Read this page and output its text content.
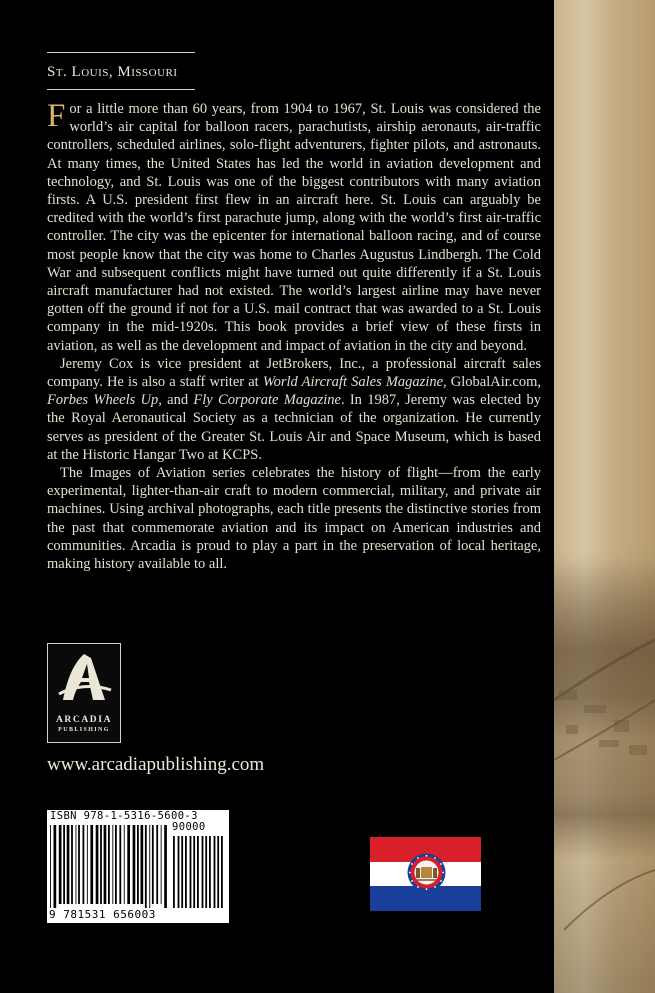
St. Louis, Missouri

For a little more than 60 years, from 1904 to 1967, St. Louis was considered the world’s air capital for balloon racers, parachutists, airship aeronauts, air-traffic controllers, scheduled airlines, solo-flight adventurers, fighter pilots, and astronauts. At many times, the United States has led the world in aviation development and technology, and St. Louis was one of the biggest contributors with many aviation firsts. A U.S. president first flew in an aircraft here. St. Louis can arguably be credited with the world’s first parachute jump, along with the world’s first air-traffic controller. The city was the epicenter for international balloon racing, and of course most people know that the city was home to Charles Augustus Lindbergh. The Cold War and subsequent conflicts might have turned out quite differently if a St. Louis aircraft manufacturer had not existed. The world’s largest airline may have never gotten off the ground if not for a U.S. mail contract that was awarded to a St. Louis company in the mid-1920s. This book provides a brief view of these firsts in aviation, as well as the development and impact of aviation in the city and beyond.

Jeremy Cox is vice president at JetBrokers, Inc., a professional aircraft sales company. He is also a staff writer at World Aircraft Sales Magazine, GlobalAir.com, Forbes Wheels Up, and Fly Corporate Magazine. In 1987, Jeremy was elected by the Royal Aeronautical Society as a technician of the organization. He currently serves as president of the Greater St. Louis Air and Space Museum, which is based at the Historic Hangar Two at KCPS.

The Images of Aviation series celebrates the history of flight—from the early experimental, lighter-than-air craft to modern commercial, military, and private air machines. Using archival photographs, each title presents the distinctive stories from the past that commemorate aviation and its impact on American industries and communities. Arcadia is proud to play a part in the preservation of local heritage, making history available to all.

ARCADIA
PUBLISHING
www.arcadiapublishing.com
ISBN 978-1-5316-5600-3
90000
9 781531 656003
